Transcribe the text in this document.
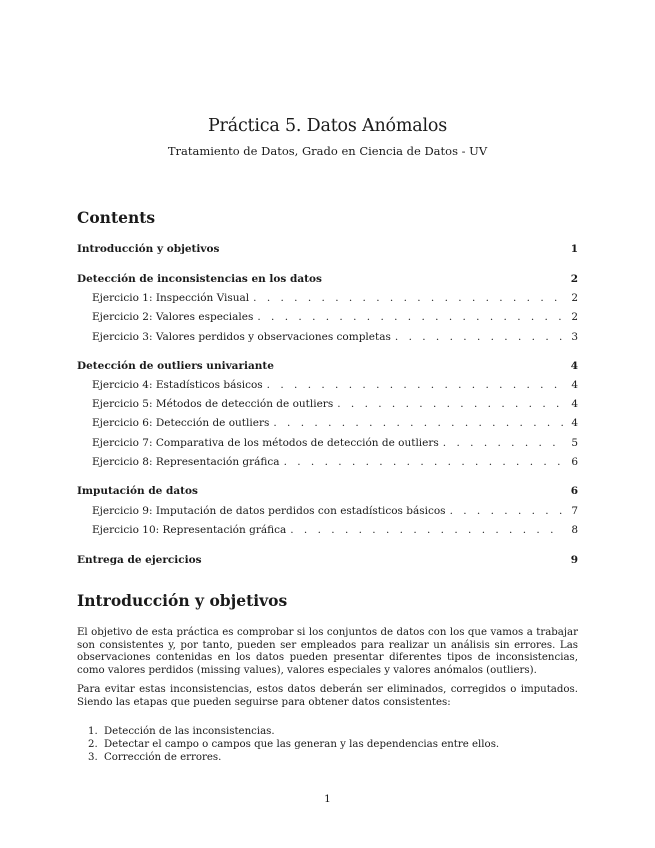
Práctica 5. Datos Anómalos
Tratamiento de Datos, Grado en Ciencia de Datos - UV
Contents
Introducción y objetivos	1
Detección de inconsistencias en los datos	2
Ejercicio 1: Inspección Visual . . .	2
Ejercicio 2: Valores especiales . . .	2
Ejercicio 3: Valores perdidos y observaciones completas . . .	3
Detección de outliers univariante	4
Ejercicio 4: Estadísticos básicos . . .	4
Ejercicio 5: Métodos de detección de outliers . . .	4
Ejercicio 6: Detección de outliers . . .	4
Ejercicio 7: Comparativa de los métodos de detección de outliers . . .	5
Ejercicio 8: Representación gráfica . . .	6
Imputación de datos	6
Ejercicio 9: Imputación de datos perdidos con estadísticos básicos . . .	7
Ejercicio 10: Representación gráfica . . .	8
Entrega de ejercicios	9
Introducción y objetivos

El objetivo de esta práctica es comprobar si los conjuntos de datos con los que vamos a trabajar son consistentes y, por tanto, pueden ser empleados para realizar un análisis sin errores. Las observaciones contenidas en los datos pueden presentar diferentes tipos de inconsistencias, como valores perdidos (missing values), valores especiales y valores anómalos (outliers).

Para evitar estas inconsistencias, estos datos deberán ser eliminados, corregidos o imputados. Siendo las etapas que pueden seguirse para obtener datos consistentes:

1. Detección de las inconsistencias.
2. Detectar el campo o campos que las generan y las dependencias entre ellos.
3. Corrección de errores.
1
